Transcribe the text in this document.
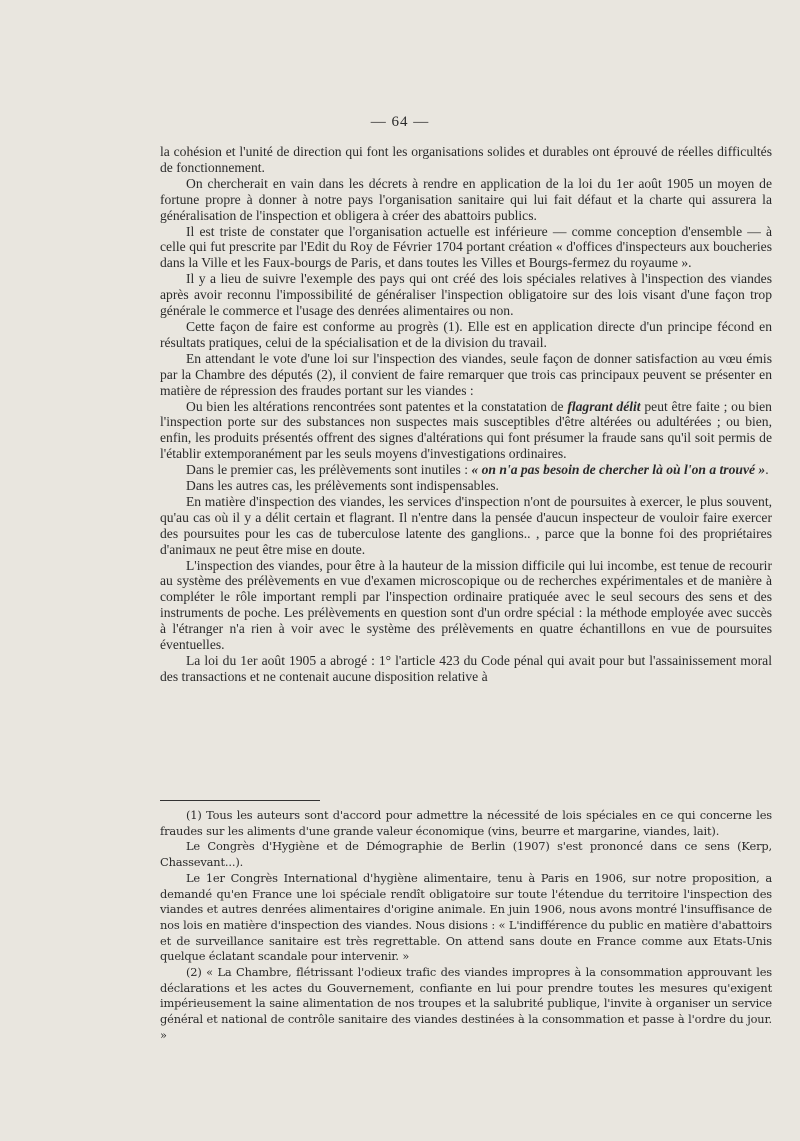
— 64 —

la cohésion et l'unité de direction qui font les organisations solides et durables ont éprouvé de réelles difficultés de fonctionnement.

On chercherait en vain dans les décrets à rendre en application de la loi du 1er août 1905 un moyen de fortune propre à donner à notre pays l'organisation sanitaire qui lui fait défaut et la charte qui assurera la généralisation de l'inspection et obligera à créer des abattoirs publics.

Il est triste de constater que l'organisation actuelle est inférieure — comme conception d'ensemble — à celle qui fut prescrite par l'Edit du Roy de Février 1704 portant création « d'offices d'inspecteurs aux boucheries dans la Ville et les Faux-bourgs de Paris, et dans toutes les Villes et Bourgs-fermez du royaume ».

Il y a lieu de suivre l'exemple des pays qui ont créé des lois spéciales relatives à l'inspection des viandes après avoir reconnu l'impossibilité de généraliser l'inspection obligatoire sur des lois visant d'une façon trop générale le commerce et l'usage des denrées alimentaires ou non.

Cette façon de faire est conforme au progrès (1). Elle est en application directe d'un principe fécond en résultats pratiques, celui de la spécialisation et de la division du travail.

En attendant le vote d'une loi sur l'inspection des viandes, seule façon de donner satisfaction au vœu émis par la Chambre des députés (2), il convient de faire remarquer que trois cas principaux peuvent se présenter en matière de répression des fraudes portant sur les viandes :

Ou bien les altérations rencontrées sont patentes et la constatation de flagrant délit peut être faite ; ou bien l'inspection porte sur des substances non suspectes mais susceptibles d'être altérées ou adultérées ; ou bien, enfin, les produits présentés offrent des signes d'altérations qui font présumer la fraude sans qu'il soit permis de l'établir extemporanément par les seuls moyens d'investigations ordinaires.

Dans le premier cas, les prélèvements sont inutiles : « on n'a pas besoin de chercher là où l'on a trouvé ».

Dans les autres cas, les prélèvements sont indispensables.

En matière d'inspection des viandes, les services d'inspection n'ont de poursuites à exercer, le plus souvent, qu'au cas où il y a délit certain et flagrant. Il n'entre dans la pensée d'aucun inspecteur de vouloir faire exercer des poursuites pour les cas de tuberculose latente des ganglions.. , parce que la bonne foi des propriétaires d'animaux ne peut être mise en doute.

L'inspection des viandes, pour être à la hauteur de la mission difficile qui lui incombe, est tenue de recourir au système des prélèvements en vue d'examen microscopique ou de recherches expérimentales et de manière à compléter le rôle important rempli par l'inspection ordinaire pratiquée avec le seul secours des sens et des instruments de poche. Les prélèvements en question sont d'un ordre spécial : la méthode employée avec succès à l'étranger n'a rien à voir avec le système des prélèvements en quatre échantillons en vue de poursuites éventuelles.

La loi du 1er août 1905 a abrogé : 1° l'article 423 du Code pénal qui avait pour but l'assainissement moral des transactions et ne contenait aucune disposition relative à

(1) Tous les auteurs sont d'accord pour admettre la nécessité de lois spéciales en ce qui concerne les fraudes sur les aliments d'une grande valeur économique (vins, beurre et margarine, viandes, lait).

Le Congrès d'Hygiène et de Démographie de Berlin (1907) s'est prononcé dans ce sens (Kerp, Chassevant...).

Le 1er Congrès International d'hygiène alimentaire, tenu à Paris en 1906, sur notre proposition, a demandé qu'en France une loi spéciale rendît obligatoire sur toute l'étendue du territoire l'inspection des viandes et autres denrées alimentaires d'origine animale. En juin 1906, nous avons montré l'insuffisance de nos lois en matière d'inspection des viandes. Nous disions : « L'indifférence du public en matière d'abattoirs et de surveillance sanitaire est très regrettable. On attend sans doute en France comme aux Etats-Unis quelque éclatant scandale pour intervenir. »

(2) « La Chambre, flétrissant l'odieux trafic des viandes impropres à la consommation approuvant les déclarations et les actes du Gouvernement, confiante en lui pour prendre toutes les mesures qu'exigent impérieusement la saine alimentation de nos troupes et la salubrité publique, l'invite à organiser un service général et national de contrôle sanitaire des viandes destinées à la consommation et passe à l'ordre du jour. »
